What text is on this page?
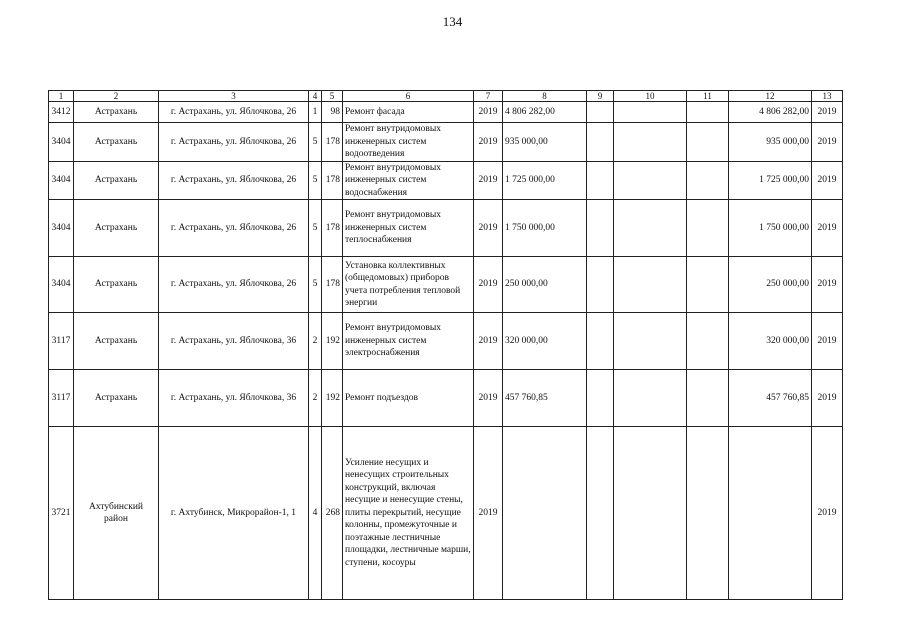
134
1	2	3	4	5	6	7	8	9	10	11	12	13
3412	Астрахань	г. Астрахань, ул. Яблочкова, 26	1	98	Ремонт фасада	2019	4 806 282,00				4 806 282,00	2019
3404	Астрахань	г. Астрахань, ул. Яблочкова, 26	5	178	Ремонт внутридомовых инженерных систем водоотведения	2019	935 000,00				935 000,00	2019
3404	Астрахань	г. Астрахань, ул. Яблочкова, 26	5	178	Ремонт внутридомовых инженерных систем водоснабжения	2019	1 725 000,00				1 725 000,00	2019
3404	Астрахань	г. Астрахань, ул. Яблочкова, 26	5	178	Ремонт внутридомовых инженерных систем теплоснабжения	2019	1 750 000,00				1 750 000,00	2019
3404	Астрахань	г. Астрахань, ул. Яблочкова, 26	5	178	Установка коллективных (общедомовых) приборов учета потребления тепловой энергии	2019	250 000,00				250 000,00	2019
3117	Астрахань	г. Астрахань, ул. Яблочкова, 36	2	192	Ремонт внутридомовых инженерных систем электроснабжения	2019	320 000,00				320 000,00	2019
3117	Астрахань	г. Астрахань, ул. Яблочкова, 36	2	192	Ремонт подъездов	2019	457 760,85				457 760,85	2019
3721	Ахтубинский район	г. Ахтубинск, Микрорайон-1, 1	4	268	Усиление несущих и ненесущих строительных конструкций, включая несущие и ненесущие стены, плиты перекрытий, несущие колонны, промежуточные и поэтажные лестничные площадки, лестничные марши, ступени, косоуры	2019						2019
